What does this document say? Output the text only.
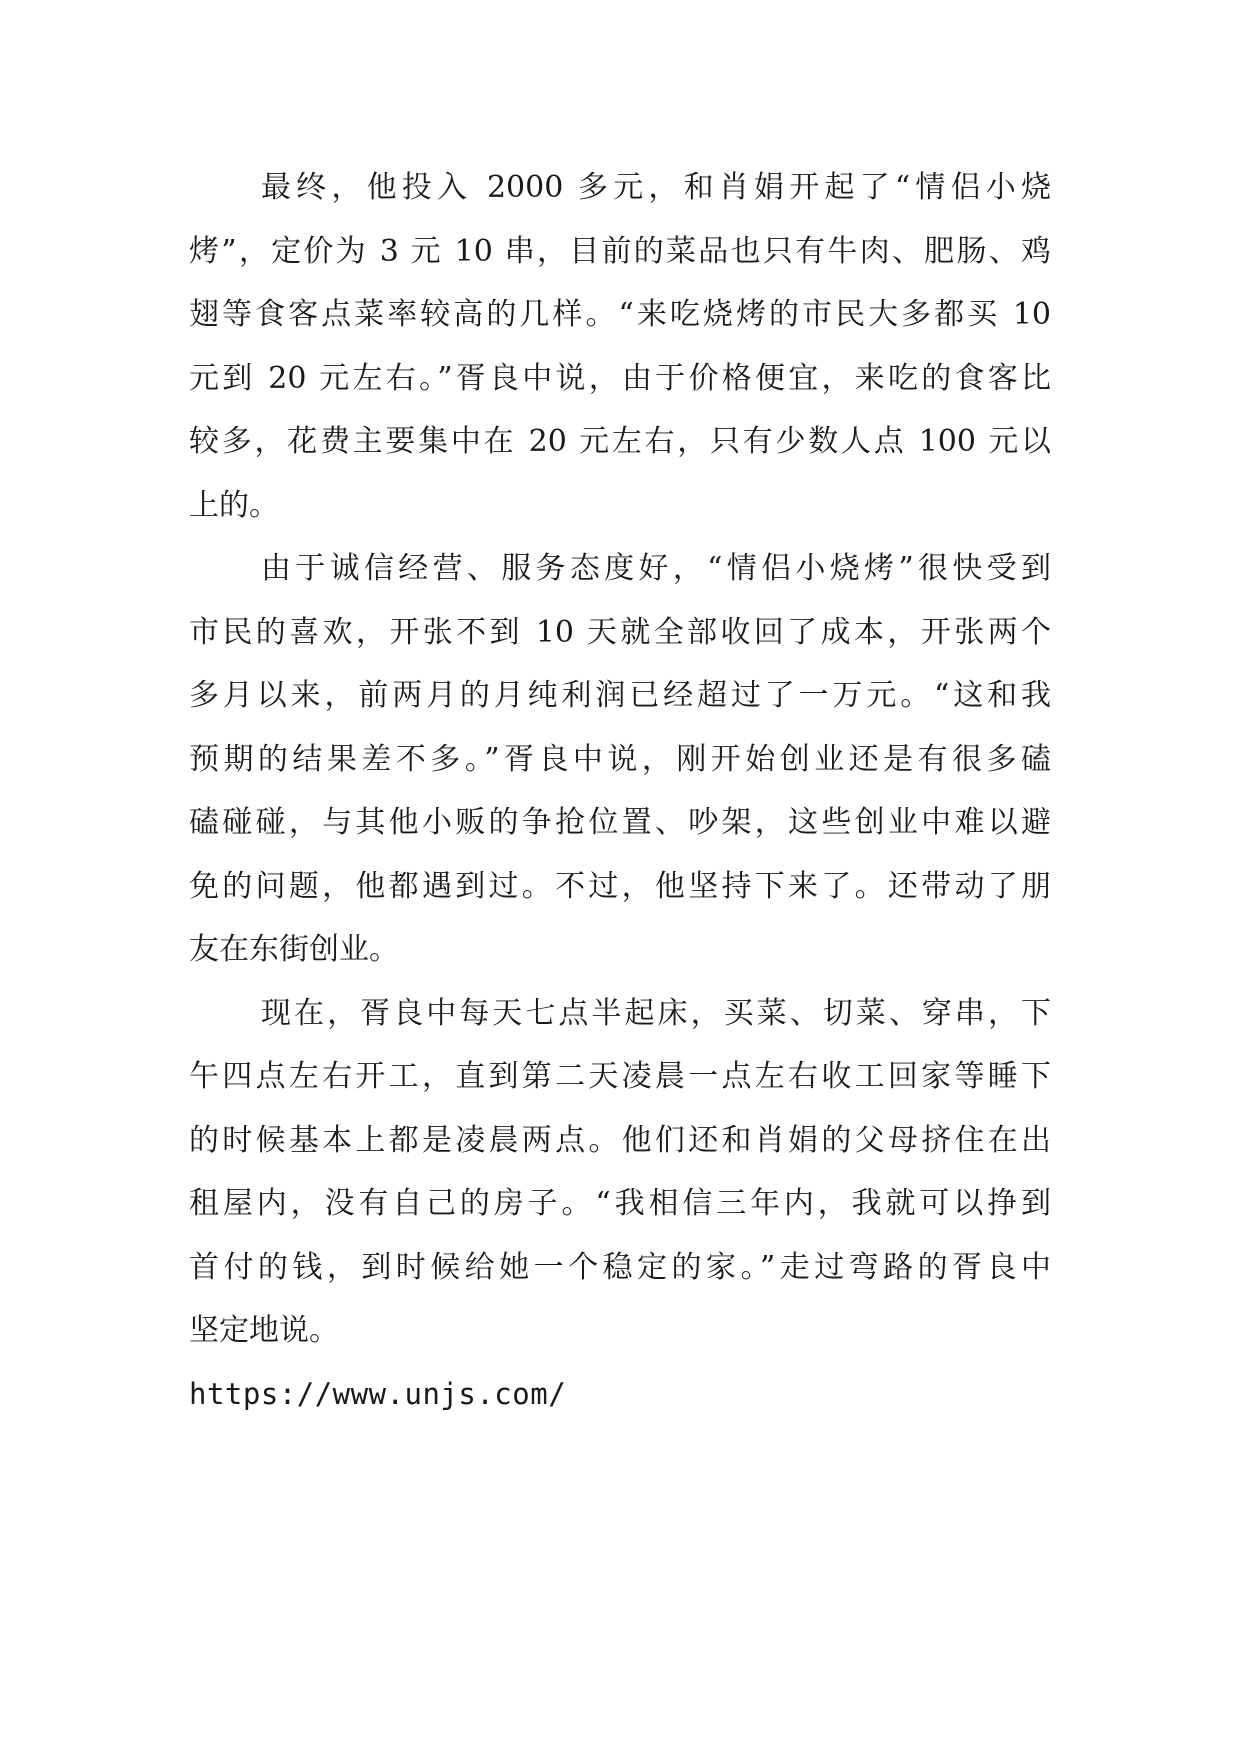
最终，他投入 2000 多元，和肖娟开起了“情侣小烧
烤”，定价为 3 元 10 串，目前的菜品也只有牛肉、肥肠、鸡
翅等食客点菜率较高的几样。“来吃烧烤的市民大多都买 10
元到 20 元左右。”胥良中说，由于价格便宜，来吃的食客比
较多，花费主要集中在 20 元左右，只有少数人点 100 元以
上的。
由于诚信经营、服务态度好，“情侣小烧烤”很快受到
市民的喜欢，开张不到 10 天就全部收回了成本，开张两个
多月以来，前两月的月纯利润已经超过了一万元。“这和我
预期的结果差不多。”胥良中说，刚开始创业还是有很多磕
磕碰碰，与其他小贩的争抢位置、吵架，这些创业中难以避
免的问题，他都遇到过。不过，他坚持下来了。还带动了朋
友在东街创业。
现在，胥良中每天七点半起床，买菜、切菜、穿串，下
午四点左右开工，直到第二天凌晨一点左右收工回家等睡下
的时候基本上都是凌晨两点。他们还和肖娟的父母挤住在出
租屋内，没有自己的房子。“我相信三年内，我就可以挣到
首付的钱，到时候给她一个稳定的家。”走过弯路的胥良中
坚定地说。
https://www.unjs.com/
